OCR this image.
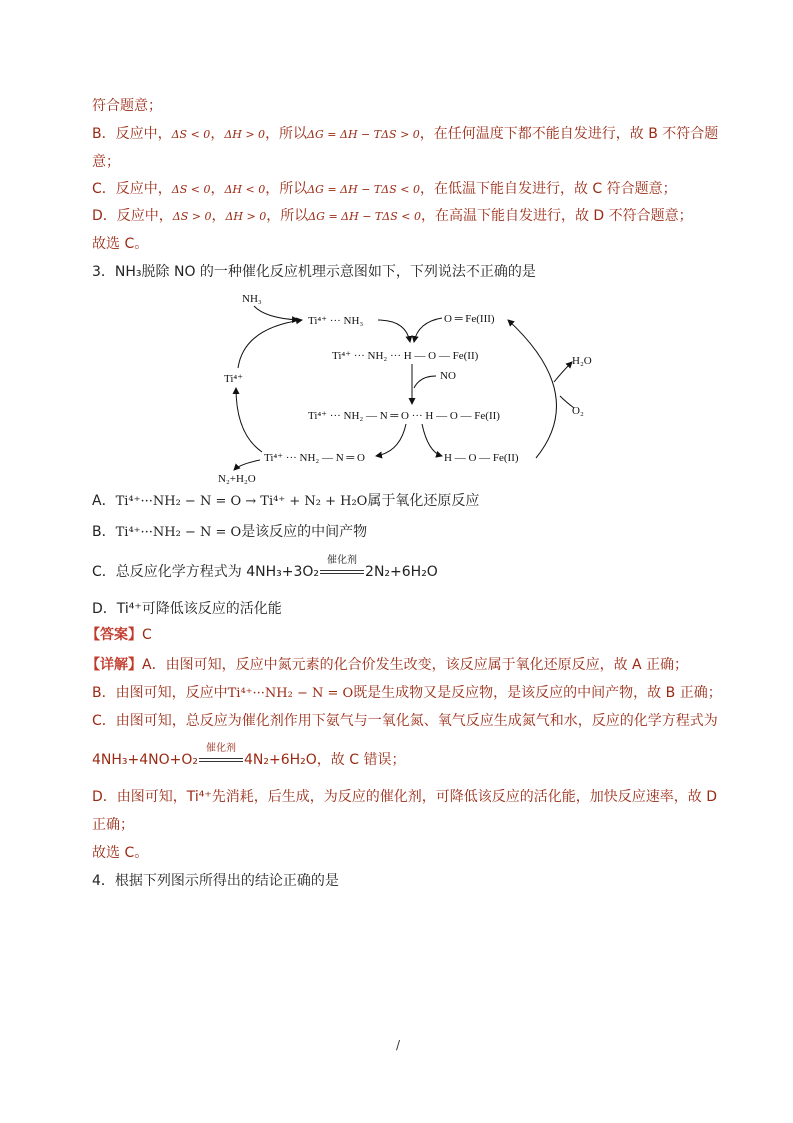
符合题意；
B．反应中，ΔS < 0，ΔH > 0，所以ΔG = ΔH − TΔS > 0，在任何温度下都不能自发进行，故 B 不符合题
意；
C．反应中，ΔS < 0，ΔH < 0，所以ΔG = ΔH − TΔS < 0，在低温下能自发进行，故 C 符合题意；
D．反应中，ΔS > 0，ΔH > 0，所以ΔG = ΔH − TΔS < 0，在高温下能自发进行，故 D 不符合题意；
故选 C。
3．NH₃脱除 NO 的一种催化反应机理示意图如下，下列说法不正确的是
NH₃
Ti⁴⁺ ··· NH₃	O ═ Fe(III)
Ti⁴⁺ ··· NH₂ ··· H — O — Fe(II)
Ti⁴⁺	NO
H₂O
Ti⁴⁺ ··· NH₂ — N ═ O ··· H — O — Fe(II)	O₂
Ti⁴⁺ ··· NH₂ — N ═ O	H — O — Fe(II)
N₂+H₂O
A．Ti⁴⁺···NH₂ − N = O → Ti⁴⁺ + N₂ + H₂O属于氧化还原反应
B．Ti⁴⁺···NH₂ − N = O是该反应的中间产物
C．总反应化学方程式为 4NH₃+3O₂
催化剂
2N₂+6H₂O
D．Ti⁴⁺可降低该反应的活化能
【答案】C
【详解】A．由图可知，反应中氮元素的化合价发生改变，该反应属于氧化还原反应，故 A 正确；
B．由图可知，反应中Ti⁴⁺···NH₂ − N = O既是生成物又是反应物，是该反应的中间产物，故 B 正确；
C．由图可知，总反应为催化剂作用下氨气与一氧化氮、氧气反应生成氮气和水，反应的化学方程式为
4NH₃+4NO+O₂
催化剂
4N₂+6H₂O，故 C 错误；
D．由图可知，Ti⁴⁺先消耗，后生成，为反应的催化剂，可降低该反应的活化能，加快反应速率，故 D
正确；
故选 C。
4．根据下列图示所得出的结论正确的是
/
